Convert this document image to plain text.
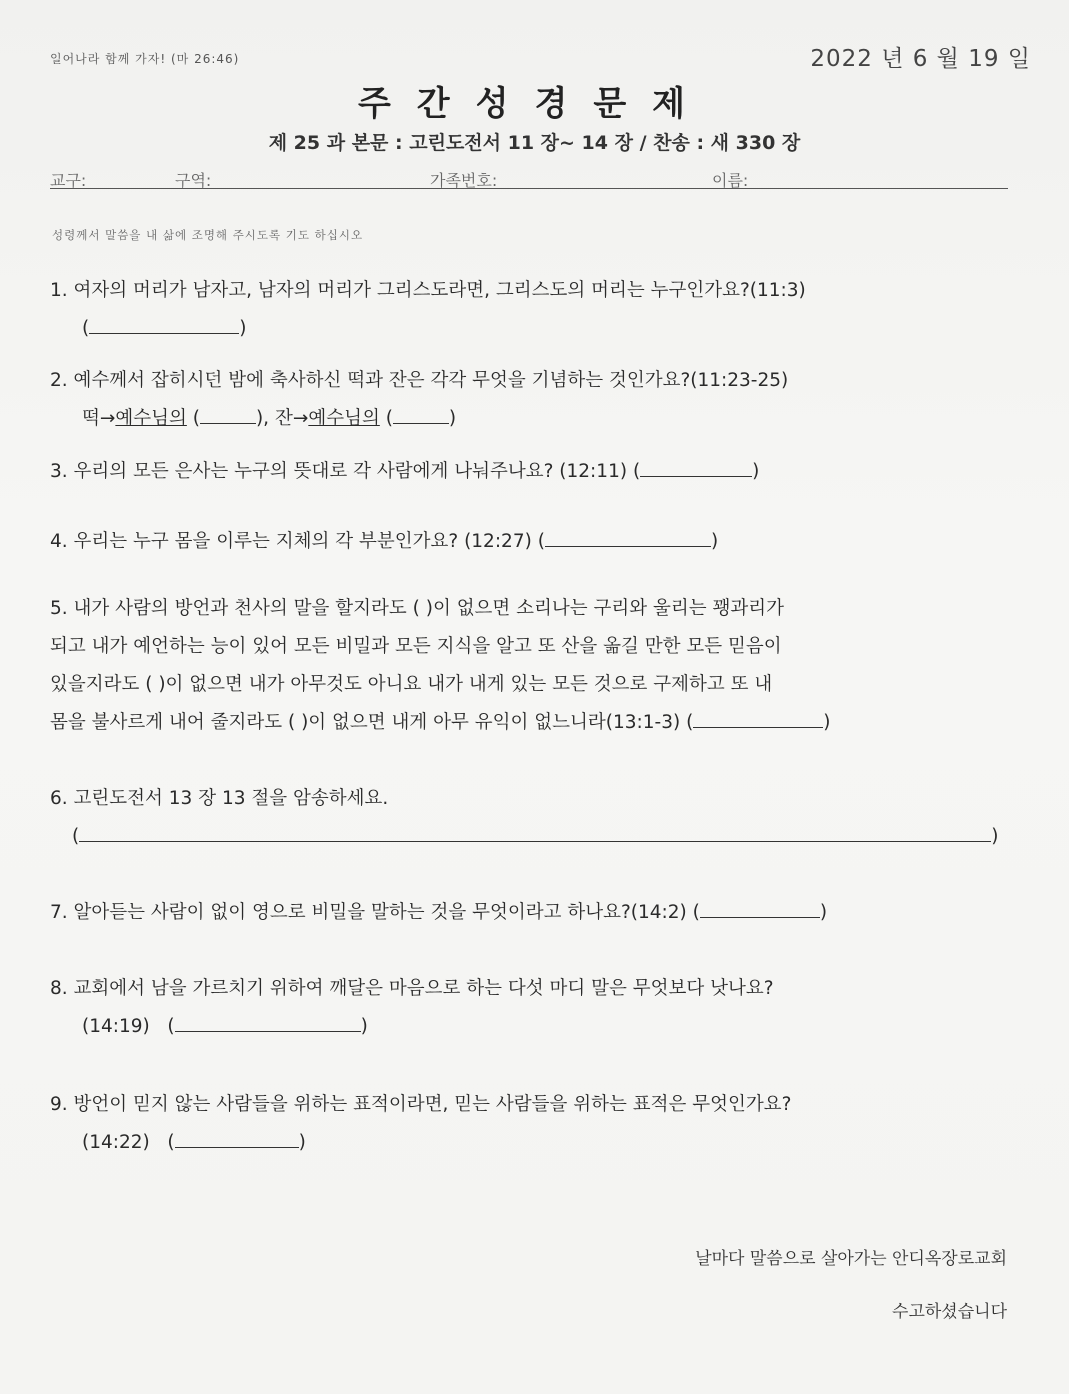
일어나라 함께 가자! (마 26:46)	2022 년 6 월 19 일
주간성경문제
제 25 과 본문 : 고린도전서 11 장~ 14 장 / 찬송 : 새 330 장
교구:	구역:	가족번호:	이름:
성령께서 말씀을 내 삶에 조명해 주시도록 기도 하십시오
1. 여자의 머리가 남자고, 남자의 머리가 그리스도라면, 그리스도의 머리는 누구인가요?(11:3)
(	)
2. 예수께서 잡히시던 밤에 축사하신 떡과 잔은 각각 무엇을 기념하는 것인가요?(11:23-25)
떡→예수님의 (	), 잔→예수님의 (	)
3. 우리의 모든 은사는 누구의 뜻대로 각 사람에게 나눠주나요? (12:11) (	)
4. 우리는 누구 몸을 이루는 지체의 각 부분인가요? (12:27) (	)
5. 내가 사람의 방언과 천사의 말을 할지라도 ( )이 없으면 소리나는 구리와 울리는 꽹과리가
되고 내가 예언하는 능이 있어 모든 비밀과 모든 지식을 알고 또 산을 옮길 만한 모든 믿음이
있을지라도 ( )이 없으면 내가 아무것도 아니요 내가 내게 있는 모든 것으로 구제하고 또 내
몸을 불사르게 내어 줄지라도 ( )이 없으면 내게 아무 유익이 없느니라(13:1-3) (	)
6. 고린도전서 13 장 13 절을 암송하세요.
(	)
7. 알아듣는 사람이 없이 영으로 비밀을 말하는 것을 무엇이라고 하나요?(14:2) (	)
8. 교회에서 남을 가르치기 위하여 깨달은 마음으로 하는 다섯 마디 말은 무엇보다 낫나요?
(14:19)   (	)
9. 방언이 믿지 않는 사람들을 위하는 표적이라면, 믿는 사람들을 위하는 표적은 무엇인가요?
(14:22)   (	)
날마다 말씀으로 살아가는 안디옥장로교회
수고하셨습니다
